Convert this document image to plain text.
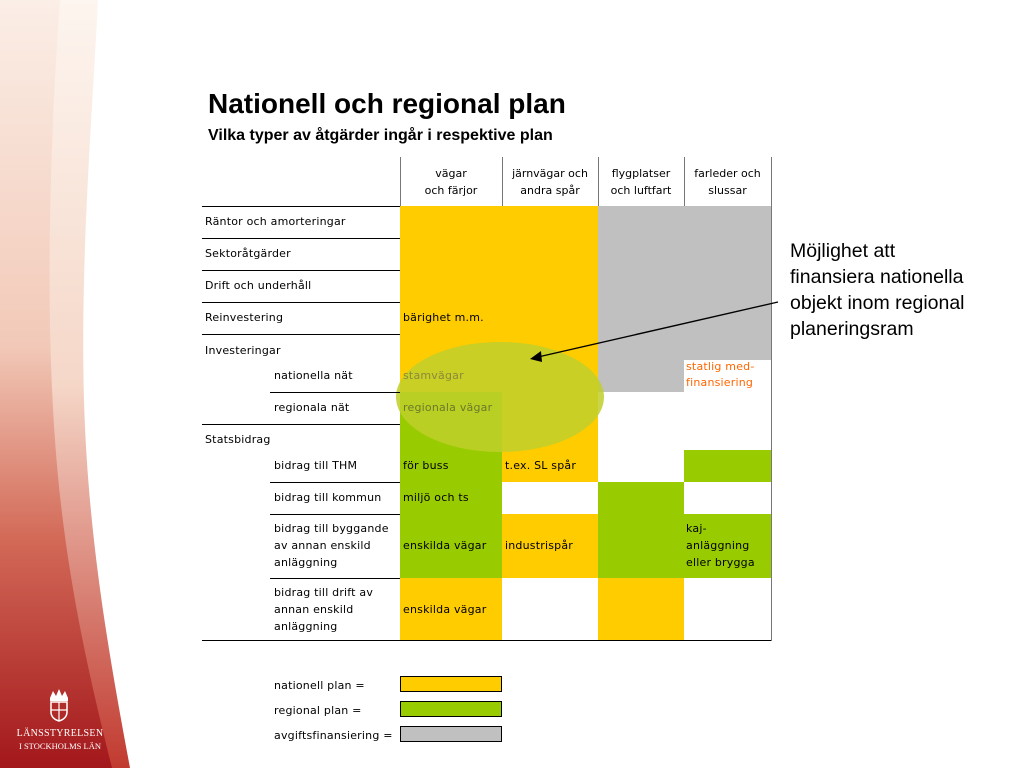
LÄNSSTYRELSEN
I STOCKHOLMS LÄN
Nationell och regional plan
Vilka typer av åtgärder ingår i respektive plan
vägar
och färjor
järnvägar och
andra spår
flygplatser
och luftfart
farleder och
slussar
Räntor och amorteringar
Sektoråtgärder
Drift och underhåll
Reinvestering
Investeringar
nationella nät
regionala nät
Statsbidrag
bidrag till THM
bidrag till kommun
bidrag till byggande
av annan enskild
anläggning
bidrag till drift av
annan enskild
anläggning
bärighet m.m.
stamvägar
statlig med-
finansiering
regionala vägar
för buss	t.ex. SL spår
miljö och ts
enskilda vägar industrispår
kaj-
anläggning
eller brygga
enskilda vägar
Möjlighet att
finansiera nationella
objekt inom regional
planeringsram
nationell plan =
regional plan =
avgiftsfinansiering =
